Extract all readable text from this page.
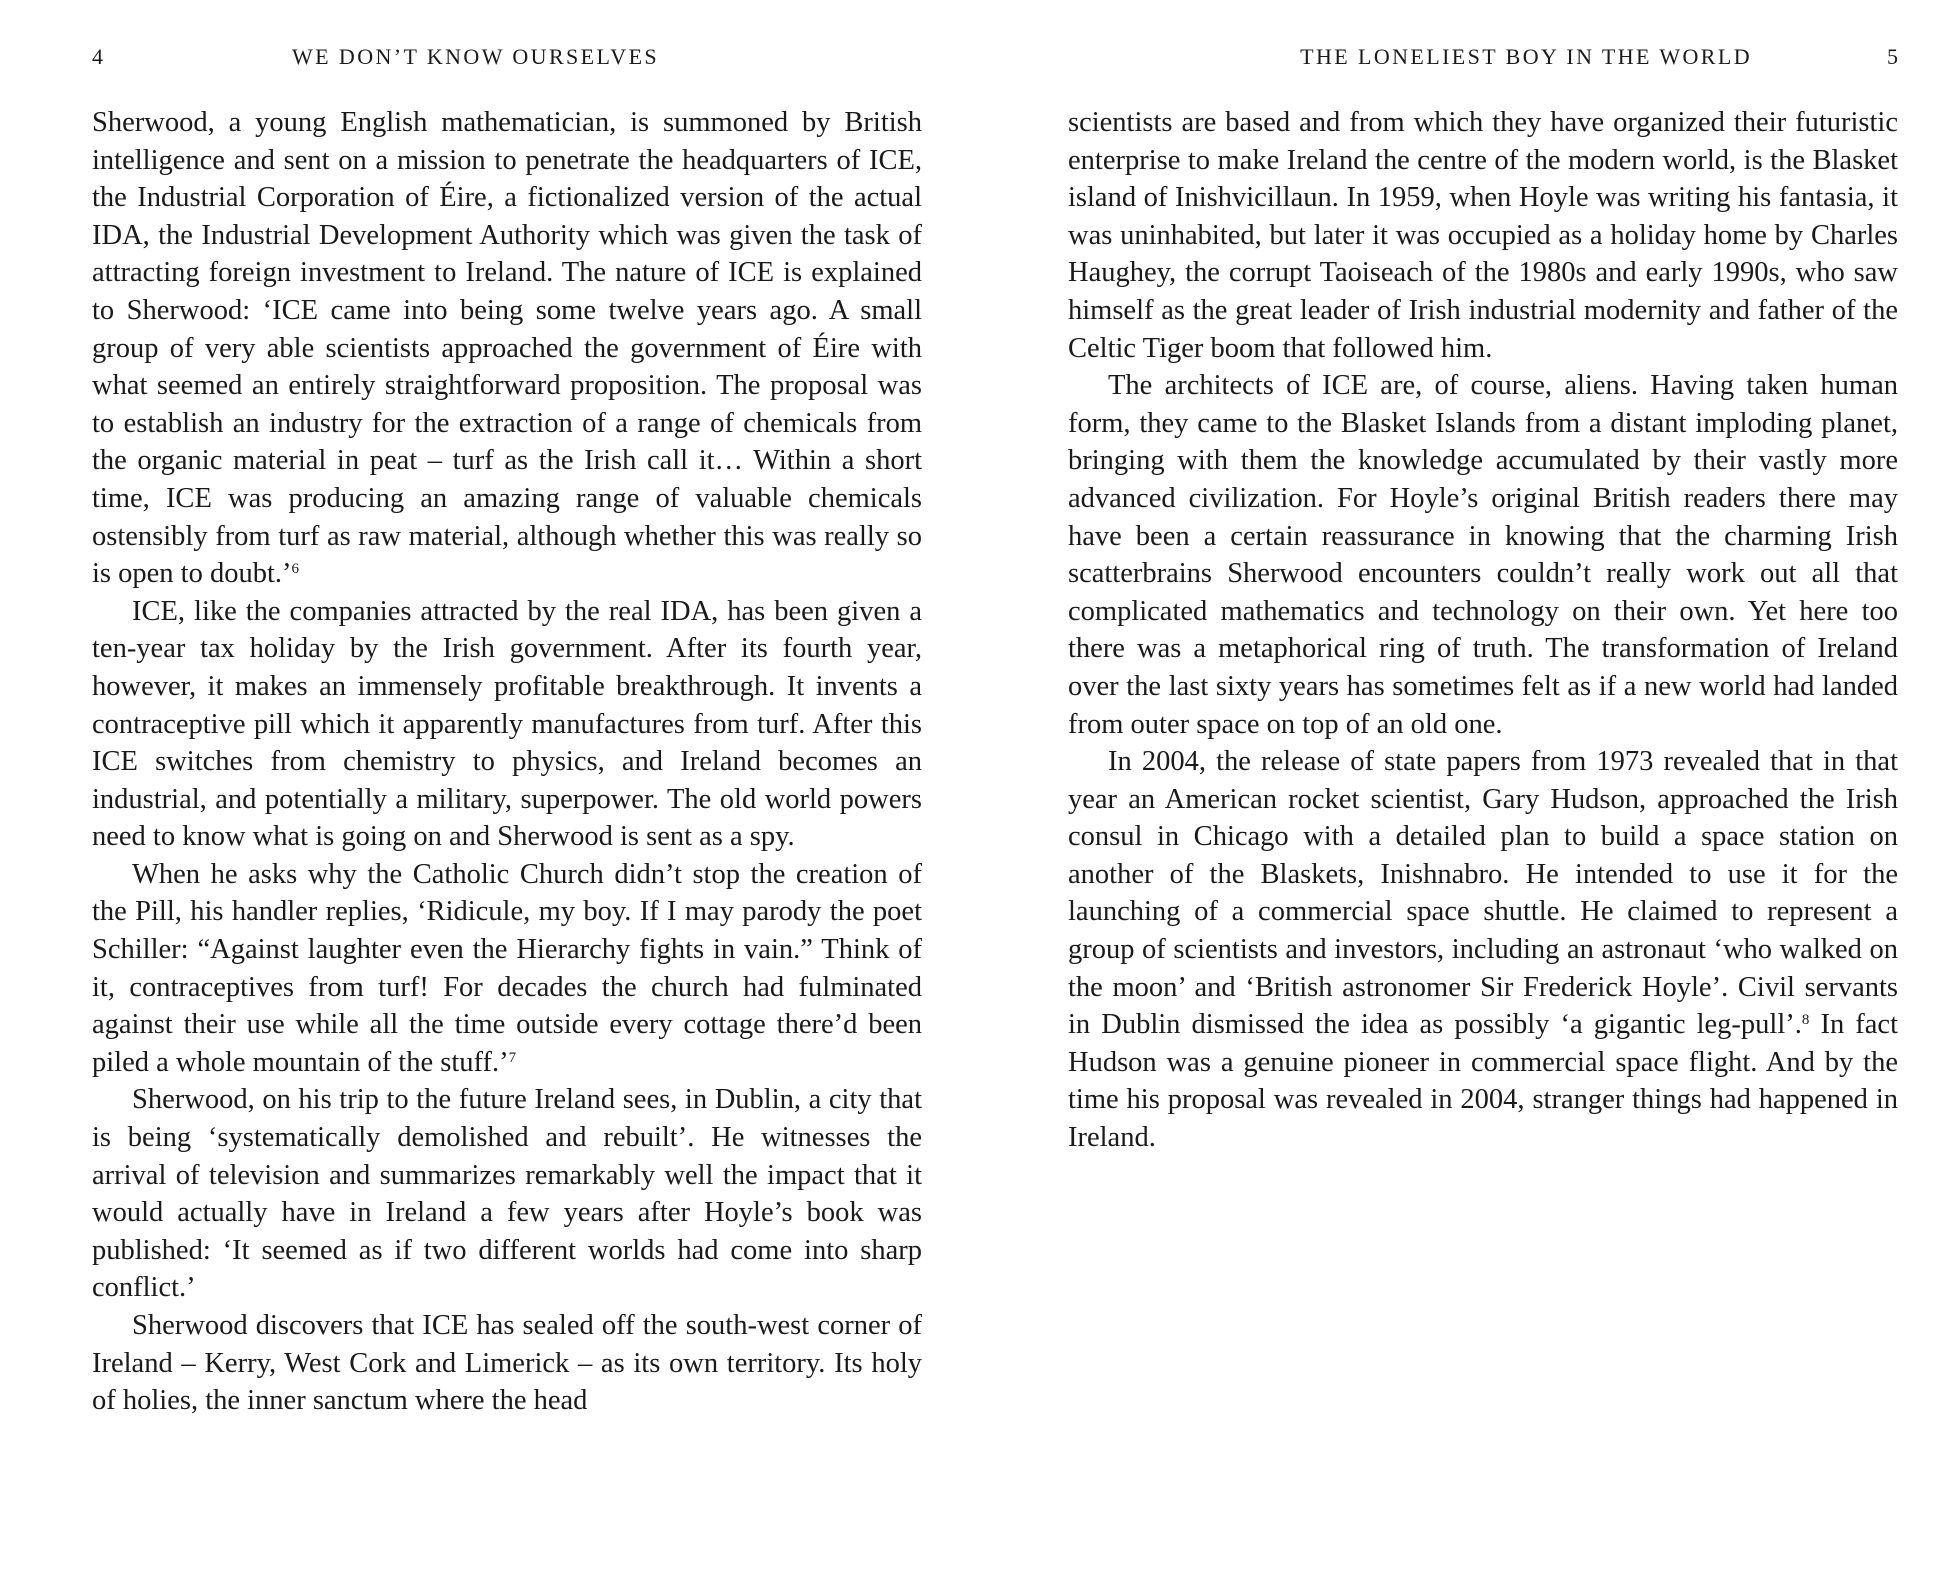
4	WE DON’T KNOW OURSELVES

Sherwood, a young English mathematician, is summoned by British intelligence and sent on a mission to penetrate the headquarters of ICE, the Industrial Corporation of Éire, a fictionalized version of the actual IDA, the Industrial Development Authority which was given the task of attracting foreign investment to Ireland. The nature of ICE is explained to Sherwood: ‘ICE came into being some twelve years ago. A small group of very able scientists approached the government of Éire with what seemed an entirely straightforward proposition. The proposal was to establish an industry for the extraction of a range of chemicals from the organic material in peat – turf as the Irish call it… Within a short time, ICE was producing an amazing range of valuable chemicals ostensibly from turf as raw material, although whether this was really so is open to doubt.’$^6$

ICE, like the companies attracted by the real IDA, has been given a ten-year tax holiday by the Irish government. After its fourth year, however, it makes an immensely profitable breakthrough. It invents a contraceptive pill which it apparently manufactures from turf. After this ICE switches from chemistry to physics, and Ireland becomes an industrial, and potentially a military, superpower. The old world powers need to know what is going on and Sherwood is sent as a spy.

When he asks why the Catholic Church didn’t stop the creation of the Pill, his handler replies, ‘Ridicule, my boy. If I may parody the poet Schiller: “Against laughter even the Hierarchy fights in vain.” Think of it, contraceptives from turf! For decades the church had fulminated against their use while all the time outside every cottage there’d been piled a whole mountain of the stuff.’$^7$

Sherwood, on his trip to the future Ireland sees, in Dublin, a city that is being ‘systematically demolished and rebuilt’. He witnesses the arrival of television and summarizes remarkably well the impact that it would actually have in Ireland a few years after Hoyle’s book was published: ‘It seemed as if two different worlds had come into sharp conflict.’

Sherwood discovers that ICE has sealed off the south-west corner of Ireland – Kerry, West Cork and Limerick – as its own territory. Its holy of holies, the inner sanctum where the head

THE LONELIEST BOY IN THE WORLD	5

scientists are based and from which they have organized their futuristic enterprise to make Ireland the centre of the modern world, is the Blasket island of Inishvicillaun. In 1959, when Hoyle was writing his fantasia, it was uninhabited, but later it was occupied as a holiday home by Charles Haughey, the corrupt Taoiseach of the 1980s and early 1990s, who saw himself as the great leader of Irish industrial modernity and father of the Celtic Tiger boom that followed him.

The architects of ICE are, of course, aliens. Having taken human form, they came to the Blasket Islands from a distant imploding planet, bringing with them the knowledge accumulated by their vastly more advanced civilization. For Hoyle’s original British readers there may have been a certain reassurance in knowing that the charming Irish scatterbrains Sherwood encounters couldn’t really work out all that complicated mathematics and technology on their own. Yet here too there was a metaphorical ring of truth. The transformation of Ireland over the last sixty years has sometimes felt as if a new world had landed from outer space on top of an old one.

In 2004, the release of state papers from 1973 revealed that in that year an American rocket scientist, Gary Hudson, approached the Irish consul in Chicago with a detailed plan to build a space station on another of the Blaskets, Inishnabro. He intended to use it for the launching of a commercial space shuttle. He claimed to represent a group of scientists and investors, including an astronaut ‘who walked on the moon’ and ‘British astronomer Sir Frederick Hoyle’. Civil servants in Dublin dismissed the idea as possibly ‘a gigantic leg-pull’.$^8$ In fact Hudson was a genuine pioneer in commercial space flight. And by the time his proposal was revealed in 2004, stranger things had happened in Ireland.
